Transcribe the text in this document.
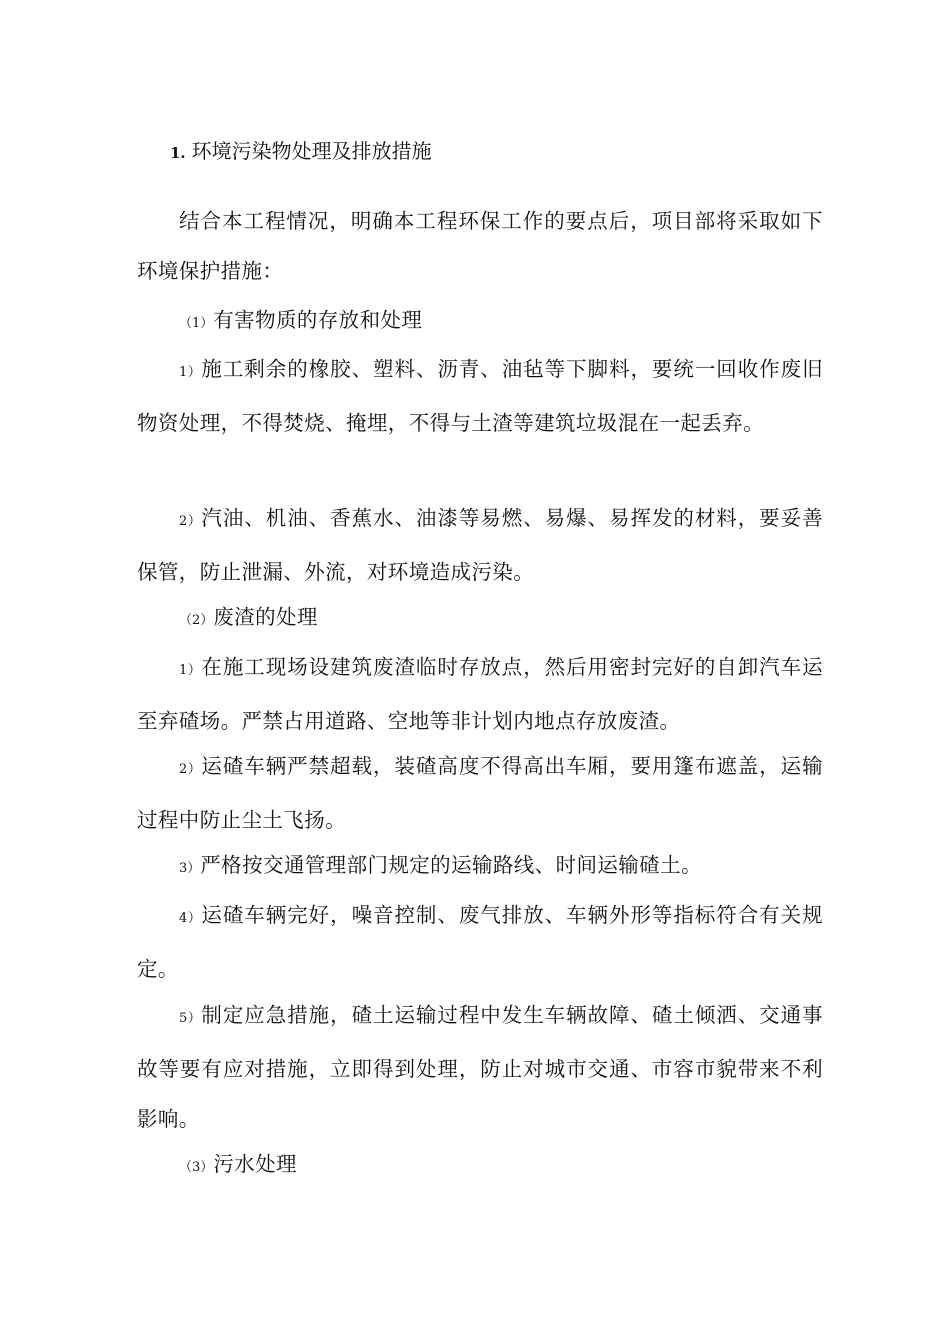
1. 环境污染物处理及排放措施
结合本工程情况，明确本工程环保工作的要点后，项目部将采取如下环境保护措施：
（1）有害物质的存放和处理
1）施工剩余的橡胶、塑料、沥青、油毡等下脚料，要统一回收作废旧物资处理，不得焚烧、掩埋，不得与土渣等建筑垃圾混在一起丢弃。
2）汽油、机油、香蕉水、油漆等易燃、易爆、易挥发的材料，要妥善保管，防止泄漏、外流，对环境造成污染。
（2）废渣的处理
1）在施工现场设建筑废渣临时存放点，然后用密封完好的自卸汽车运至弃碴场。严禁占用道路、空地等非计划内地点存放废渣。
2）运碴车辆严禁超载，装碴高度不得高出车厢，要用篷布遮盖，运输过程中防止尘土飞扬。
3）严格按交通管理部门规定的运输路线、时间运输碴土。
4）运碴车辆完好，噪音控制、废气排放、车辆外形等指标符合有关规定。
5）制定应急措施，碴土运输过程中发生车辆故障、碴土倾洒、交通事故等要有应对措施，立即得到处理，防止对城市交通、市容市貌带来不利影响。
（3）污水处理
